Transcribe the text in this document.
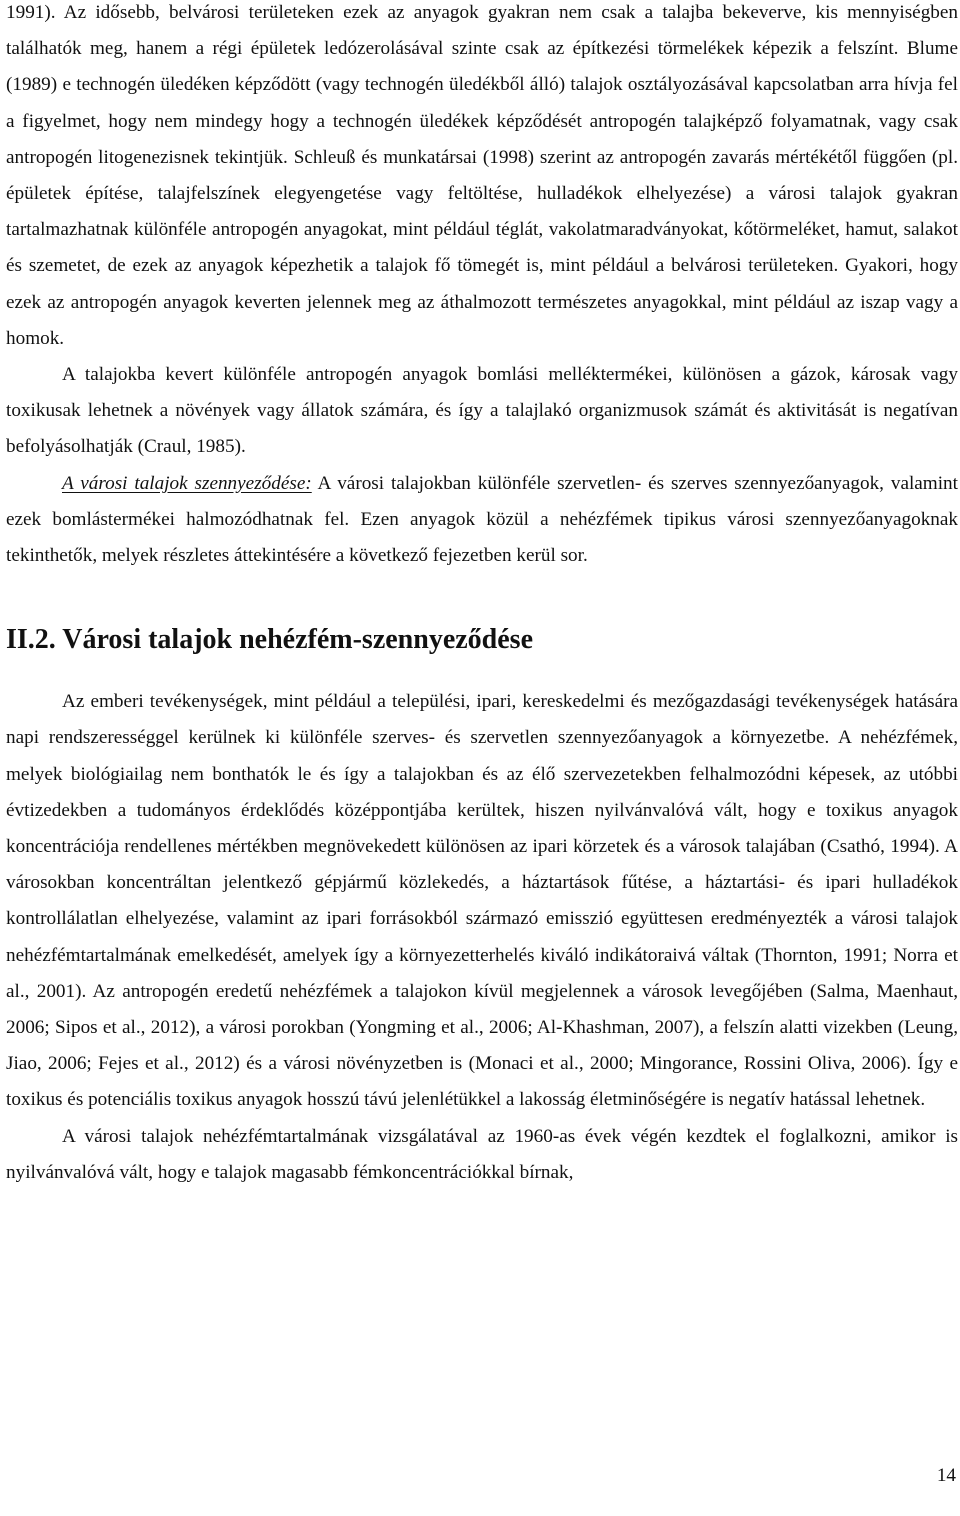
1991). Az idősebb, belvárosi területeken ezek az anyagok gyakran nem csak a talajba bekeverve, kis mennyiségben találhatók meg, hanem a régi épületek ledózerolásával szinte csak az építkezési törmelékek képezik a felszínt. Blume (1989) e technogén üledéken képződött (vagy technogén üledékből álló) talajok osztályozásával kapcsolatban arra hívja fel a figyelmet, hogy nem mindegy hogy a technogén üledékek képződését antropogén talajképző folyamatnak, vagy csak antropogén litogenezisnek tekintjük. Schleuß és munkatársai (1998) szerint az antropogén zavarás mértékétől függően (pl. épületek építése, talajfelszínek elegyengetése vagy feltöltése, hulladékok elhelyezése) a városi talajok gyakran tartalmazhatnak különféle antropogén anyagokat, mint például téglát, vakolatmaradványokat, kőtörmeléket, hamut, salakot és szemetet, de ezek az anyagok képezhetik a talajok fő tömegét is, mint például a belvárosi területeken. Gyakori, hogy ezek az antropogén anyagok keverten jelennek meg az áthalmozott természetes anyagokkal, mint például az iszap vagy a homok.

A talajokba kevert különféle antropogén anyagok bomlási melléktermékei, különösen a gázok, károsak vagy toxikusak lehetnek a növények vagy állatok számára, és így a talajlakó organizmusok számát és aktivitását is negatívan befolyásolhatják (Craul, 1985).

A városi talajok szennyeződése: A városi talajokban különféle szervetlen- és szerves szennyezőanyagok, valamint ezek bomlástermékei halmozódhatnak fel. Ezen anyagok közül a nehézfémek tipikus városi szennyezőanyagoknak tekinthetők, melyek részletes áttekintésére a következő fejezetben kerül sor.

II.2. Városi talajok nehézfém-szennyeződése

Az emberi tevékenységek, mint például a települési, ipari, kereskedelmi és mezőgazdasági tevékenységek hatására napi rendszerességgel kerülnek ki különféle szerves- és szervetlen szennyezőanyagok a környezetbe. A nehézfémek, melyek biológiailag nem bonthatók le és így a talajokban és az élő szervezetekben felhalmozódni képesek, az utóbbi évtizedekben a tudományos érdeklődés középpontjába kerültek, hiszen nyilvánvalóvá vált, hogy e toxikus anyagok koncentrációja rendellenes mértékben megnövekedett különösen az ipari körzetek és a városok talajában (Csathó, 1994). A városokban koncentráltan jelentkező gépjármű közlekedés, a háztartások fűtése, a háztartási- és ipari hulladékok kontrollálatlan elhelyezése, valamint az ipari forrásokból származó emisszió együttesen eredményezték a városi talajok nehézfémtartalmának emelkedését, amelyek így a környezetterhelés kiváló indikátoraivá váltak (Thornton, 1991; Norra et al., 2001). Az antropogén eredetű nehézfémek a talajokon kívül megjelennek a városok levegőjében (Salma, Maenhaut, 2006; Sipos et al., 2012), a városi porokban (Yongming et al., 2006; Al-Khashman, 2007), a felszín alatti vizekben (Leung, Jiao, 2006; Fejes et al., 2012) és a városi növényzetben is (Monaci et al., 2000; Mingorance, Rossini Oliva, 2006). Így e toxikus és potenciális toxikus anyagok hosszú távú jelenlétükkel a lakosság életminőségére is negatív hatással lehetnek.

A városi talajok nehézfémtartalmának vizsgálatával az 1960-as évek végén kezdtek el foglalkozni, amikor is nyilvánvalóvá vált, hogy e talajok magasabb fémkoncentrációkkal bírnak,

14
